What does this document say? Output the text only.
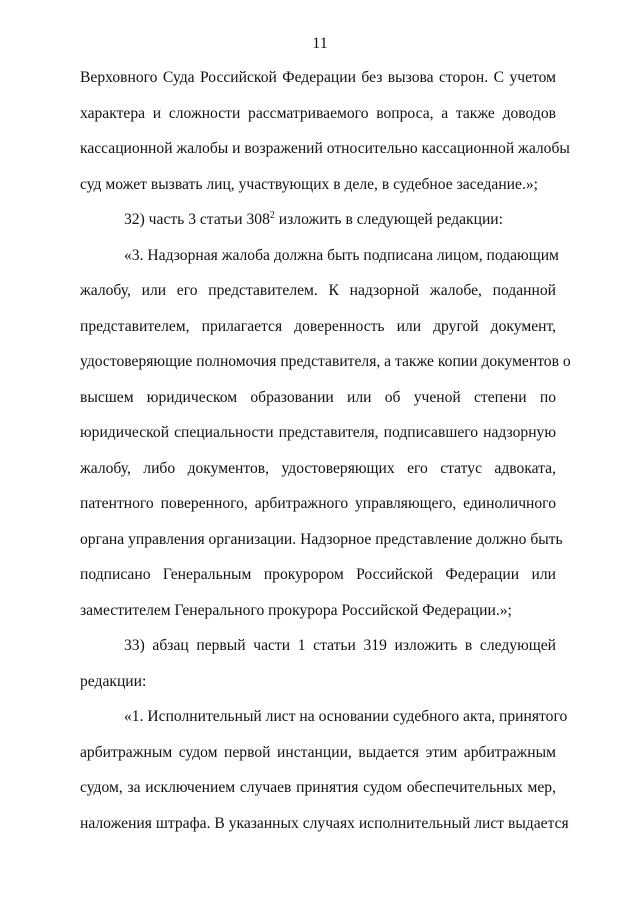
11
Верховного Суда Российской Федерации без вызова сторон. С учетом
характера и сложности рассматриваемого вопроса, а также доводов
кассационной жалобы и возражений относительно кассационной жалобы
суд может вызвать лиц, участвующих в деле, в судебное заседание.»;
32) часть 3 статьи $308^2$ изложить в следующей редакции:
«3. Надзорная жалоба должна быть подписана лицом, подающим
жалобу, или его представителем. К надзорной жалобе, поданной
представителем, прилагается доверенность или другой документ,
удостоверяющие полномочия представителя, а также копии документов о
высшем юридическом образовании или об ученой степени по
юридической специальности представителя, подписавшего надзорную
жалобу, либо документов, удостоверяющих его статус адвоката,
патентного поверенного, арбитражного управляющего, единоличного
органа управления организации. Надзорное представление должно быть
подписано Генеральным прокурором Российской Федерации или
заместителем Генерального прокурора Российской Федерации.»;
33) абзац первый части 1 статьи 319 изложить в следующей
редакции:
«1. Исполнительный лист на основании судебного акта, принятого
арбитражным судом первой инстанции, выдается этим арбитражным
судом, за исключением случаев принятия судом обеспечительных мер,
наложения штрафа. В указанных случаях исполнительный лист выдается
